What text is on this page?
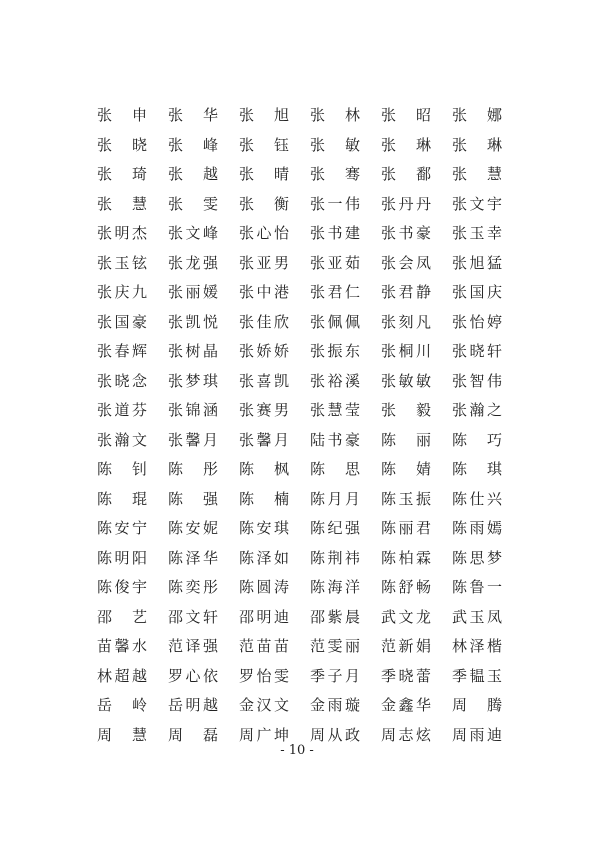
张 申 张 华 张 旭 张 林 张 昭 张 娜
张 晓 张 峰 张 钰 张 敏 张 琳 张 琳
张 琦 张 越 张 晴 张 骞 张 鄱 张 慧
张 慧 张 雯 张 衡 张 一 伟 张 丹 丹 张 文 宇
张 明 杰 张 文 峰 张 心 怡 张 书 建 张 书 豪 张 玉 幸
张 玉 铉 张 龙 强 张 亚 男 张 亚 茹 张 会 凤 张 旭 猛
张 庆 九 张 丽 媛 张 中 港 张 君 仁 张 君 静 张 国 庆
张 国 豪 张 凯 悦 张 佳 欣 张 佩 佩 张 刻 凡 张 怡 婷
张 春 辉 张 树 晶 张 娇 娇 张 振 东 张 桐 川 张 晓 轩
张 晓 念 张 梦 琪 张 喜 凯 张 裕 溪 张 敏 敏 张 智 伟
张 道 芬 张 锦 涵 张 赛 男 张 慧 莹 张 毅 张 瀚 之
张 瀚 文 张 馨 月 张 馨 月 陆 书 豪 陈 丽 陈 巧
陈 钊 陈 彤 陈 枫 陈 思 陈 婧 陈 琪
陈 琨 陈 强 陈 楠 陈 月 月 陈 玉 振 陈 仕 兴
陈 安 宁 陈 安 妮 陈 安 琪 陈 纪 强 陈 丽 君 陈 雨 嫣
陈 明 阳 陈 泽 华 陈 泽 如 陈 荆 祎 陈 柏 霖 陈 思 梦
陈 俊 宇 陈 奕 彤 陈 圆 涛 陈 海 洋 陈 舒 畅 陈 鲁 一
邵 艺 邵 文 轩 邵 明 迪 邵 紫 晨 武 文 龙 武 玉 凤
苗 馨 水 范 译 强 范 苗 苗 范 雯 丽 范 新 娟 林 泽 楷
林 超 越 罗 心 依 罗 怡 雯 季 子 月 季 晓 蕾 季 韫 玉
岳 岭 岳 明 越 金 汉 文 金 雨 璇 金 鑫 华 周 腾
周 慧 周 磊 周 广 坤 周 从 政 周 志 炫 周 雨 迪
- 10 -
